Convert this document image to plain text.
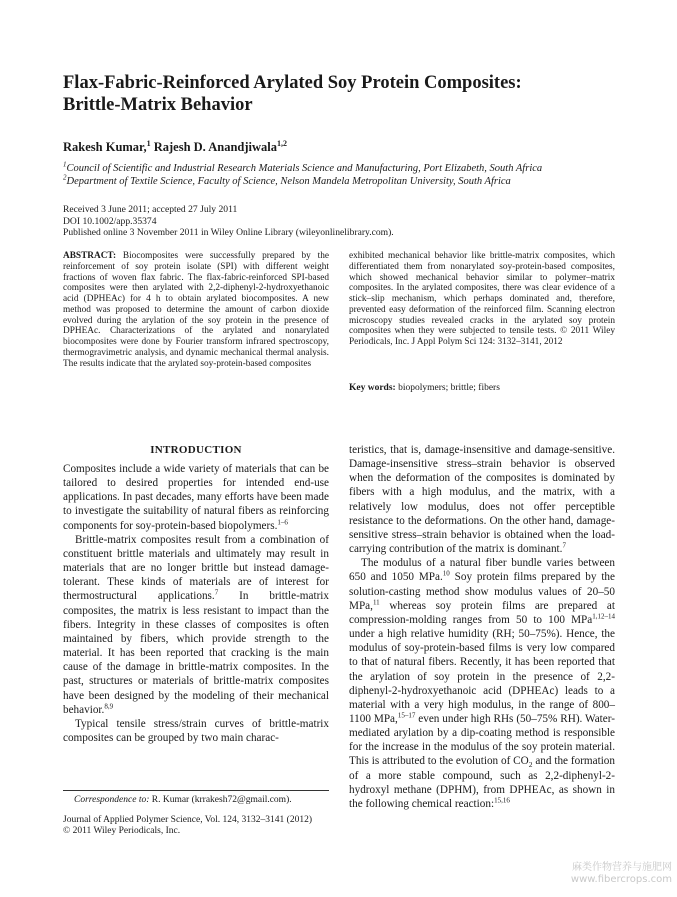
Flax-Fabric-Reinforced Arylated Soy Protein Composites:
Brittle-Matrix Behavior
Rakesh Kumar,$^1$ Rajesh D. Anandjiwala$^{1,2}$
$^1$Council of Scientific and Industrial Research Materials Science and Manufacturing, Port Elizabeth, South Africa
$^2$Department of Textile Science, Faculty of Science, Nelson Mandela Metropolitan University, South Africa
Received 3 June 2011; accepted 27 July 2011
DOI 10.1002/app.35374
Published online 3 November 2011 in Wiley Online Library (wileyonlinelibrary.com).
ABSTRACT: Biocomposites were successfully prepared by the reinforcement of soy protein isolate (SPI) with different weight fractions of woven flax fabric. The flax-fabric-reinforced SPI-based composites were then arylated with 2,2-diphenyl-2-hydroxyethanoic acid (DPHEAc) for 4 h to obtain arylated biocomposites. A new method was proposed to determine the amount of carbon dioxide evolved during the arylation of the soy protein in the presence of DPHEAc. Characterizations of the arylated and nonarylated biocomposites were done by Fourier transform infrared spectroscopy, thermogravimetric analysis, and dynamic mechanical thermal analysis. The results indicate that the arylated soy-protein-based composites
exhibited mechanical behavior like brittle-matrix composites, which differentiated them from nonarylated soy-protein-based composites, which showed mechanical behavior similar to polymer–matrix composites. In the arylated composites, there was clear evidence of a stick–slip mechanism, which perhaps dominated and, therefore, prevented easy deformation of the reinforced film. Scanning electron microscopy studies revealed cracks in the arylated soy protein composites when they were subjected to tensile tests. © 2011 Wiley Periodicals, Inc. J Appl Polym Sci 124: 3132–3141, 2012
Key words: biopolymers; brittle; fibers
INTRODUCTION

Composites include a wide variety of materials that can be tailored to desired properties for intended end-use applications. In past decades, many efforts have been made to investigate the suitability of natural fibers as reinforcing components for soy-protein-based biopolymers.$^{1-6}$

Brittle-matrix composites result from a combination of constituent brittle materials and ultimately may result in materials that are no longer brittle but instead damage-tolerant. These kinds of materials are of interest for thermostructural applications.$^7$ In brittle-matrix composites, the matrix is less resistant to impact than the fibers. Integrity in these classes of composites is often maintained by fibers, which provide strength to the material. It has been reported that cracking is the main cause of the damage in brittle-matrix composites. In the past, structures or materials of brittle-matrix composites have been designed by the modeling of their mechanical behavior.$^{8,9}$

Typical tensile stress/strain curves of brittle-matrix composites can be grouped by two main charac-

teristics, that is, damage-insensitive and damage-sensitive. Damage-insensitive stress–strain behavior is observed when the deformation of the composites is dominated by fibers with a high modulus, and the matrix, with a relatively low modulus, does not offer perceptible resistance to the deformations. On the other hand, damage-sensitive stress–strain behavior is obtained when the load-carrying contribution of the matrix is dominant.$^7$

The modulus of a natural fiber bundle varies between 650 and 1050 MPa.$^{10}$ Soy protein films prepared by the solution-casting method show modulus values of 20–50 MPa,$^{11}$ whereas soy protein films are prepared at compression-molding ranges from 50 to 100 MPa$^{1,12-14}$ under a high relative humidity (RH; 50–75%). Hence, the modulus of soy-protein-based films is very low compared to that of natural fibers. Recently, it has been reported that the arylation of soy protein in the presence of 2,2-diphenyl-2-hydroxyethanoic acid (DPHEAc) leads to a material with a very high modulus, in the range of 800–1100 MPa,$^{15-17}$ even under high RHs (50–75% RH). Water-mediated arylation by a dip-coating method is responsible for the increase in the modulus of the soy protein material. This is attributed to the evolution of $CO_2$ and the formation of a more stable compound, such as 2,2-diphenyl-2-hydroxyl methane (DPHM), from DPHEAc, as shown in the following chemical reaction:$^{15,16}$

Correspondence to: R. Kumar (krrakesh72@gmail.com).
Journal of Applied Polymer Science, Vol. 124, 3132–3141 (2012)
© 2011 Wiley Periodicals, Inc.
麻类作物营养与施肥网
www.fibercrops.com
